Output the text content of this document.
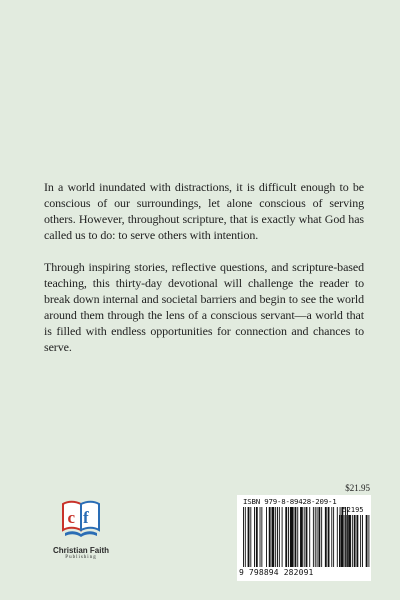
In a world inundated with distractions, it is difficult enough to be conscious of our surroundings, let alone conscious of serving others. However, throughout scripture, that is exactly what God has called us to do: to serve others with intention.

Through inspiring stories, reflective questions, and scripture-based teaching, this thirty-day devotional will challenge the reader to break down internal and societal barriers and begin to see the world around them through the lens of a conscious servant—a world that is filled with endless opportunities for connection and chances to serve.

c f
Christian Faith
Publishing
$21.95
ISBN 979-8-89428-209-1
52195
9 798894 282091
